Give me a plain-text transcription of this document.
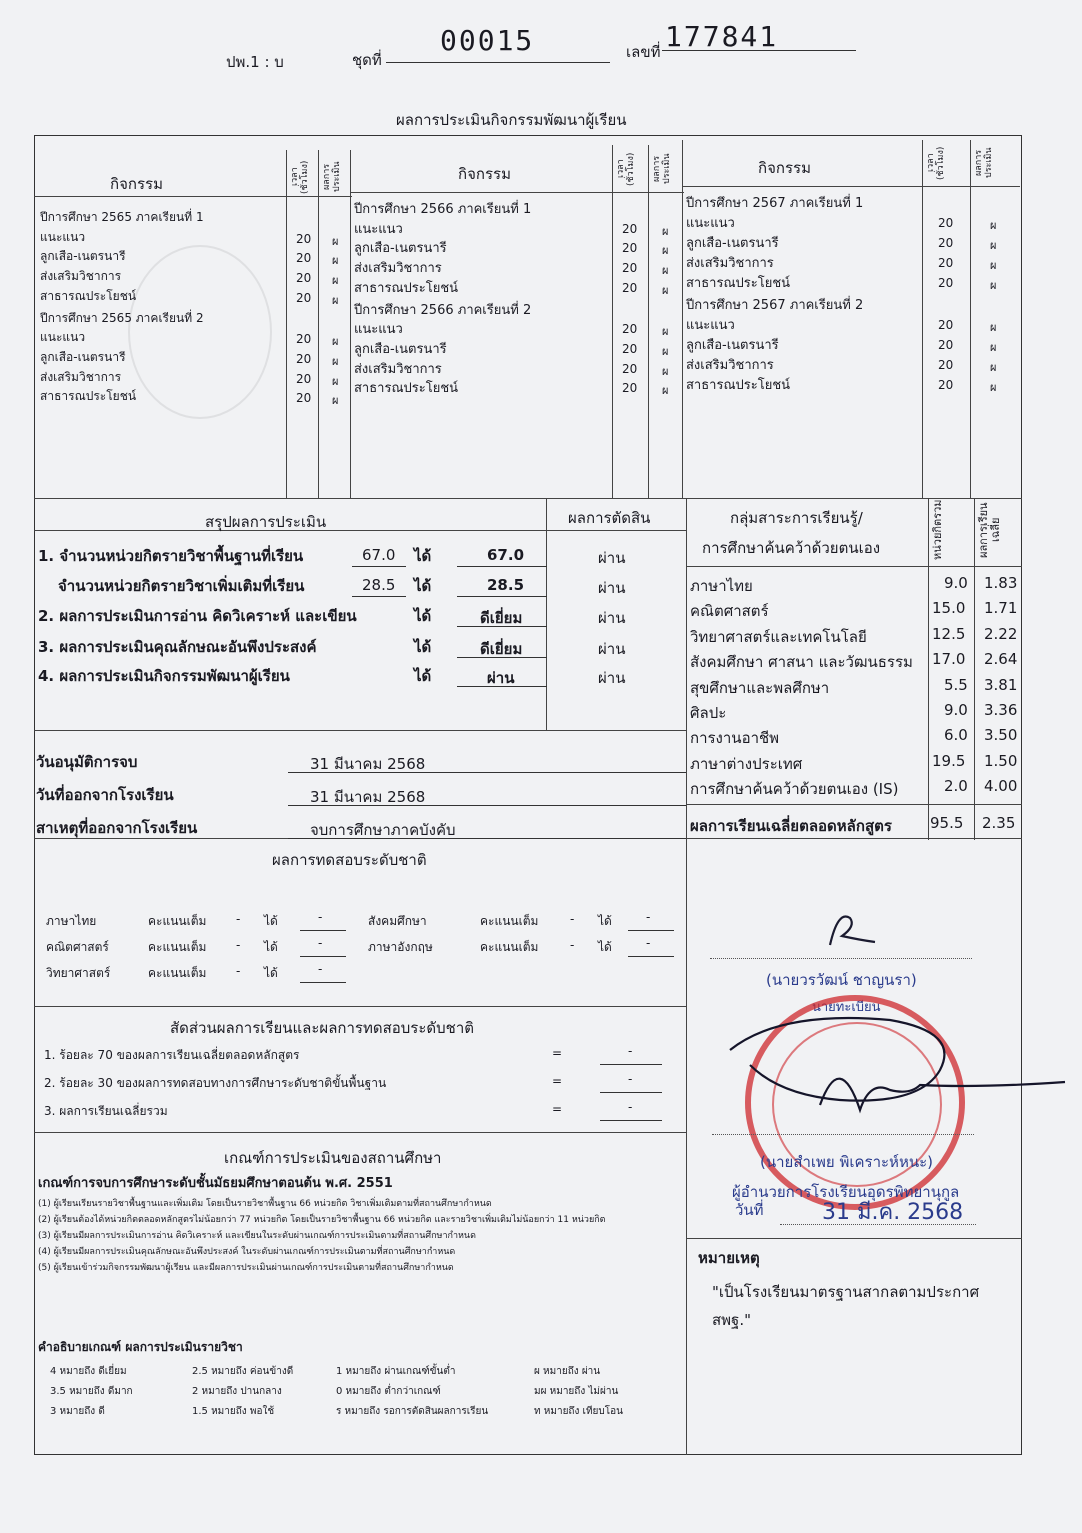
ปพ.1 : บ	ชุดที่
00015	เลขที่ 177841
ผลการประเมินกิจกรรมพัฒนาผู้เรียน
กิจกรรม
กิจกรรม	กิจกรรม
เวลา (ชั่วโมง)	ผลการประเมิน	เวลา (ชั่วโมง)	ผลการประเมิน	เวลา (ชั่วโมง)	ผลการประเมิน
ปีการศึกษา 2565 ภาคเรียนที่ 1
แนะแนว	20 ผ
ลูกเสือ-เนตรนารี	20 ผ
ส่งเสริมวิชาการ	20 ผ
สาธารณประโยชน์	20 ผ
ปีการศึกษา 2565 ภาคเรียนที่ 2
แนะแนว	20 ผ
ลูกเสือ-เนตรนารี	20 ผ
ส่งเสริมวิชาการ	20 ผ
สาธารณประโยชน์	20 ผ
ปีการศึกษา 2566 ภาคเรียนที่ 1
แนะแนว	20 ผ
ลูกเสือ-เนตรนารี	20 ผ
ส่งเสริมวิชาการ	20 ผ
สาธารณประโยชน์	20 ผ
ปีการศึกษา 2566 ภาคเรียนที่ 2
แนะแนว	20 ผ
ลูกเสือ-เนตรนารี	20 ผ
ส่งเสริมวิชาการ	20 ผ
สาธารณประโยชน์	20 ผ
ปีการศึกษา 2567 ภาคเรียนที่ 1
แนะแนว	20	ผ
ลูกเสือ-เนตรนารี	20	ผ
ส่งเสริมวิชาการ	20	ผ
สาธารณประโยชน์	20	ผ
ปีการศึกษา 2567 ภาคเรียนที่ 2
แนะแนว	20	ผ
ลูกเสือ-เนตรนารี	20	ผ
ส่งเสริมวิชาการ	20	ผ
สาธารณประโยชน์	20	ผ
สรุปผลการประเมิน	ผลการตัดสิน
1. จำนวนหน่วยกิตรายวิชาพื้นฐานที่เรียน	67.0 ได้	67.0	ผ่าน
จำนวนหน่วยกิตรายวิชาเพิ่มเติมที่เรียน	28.5 ได้	28.5	ผ่าน
2. ผลการประเมินการอ่าน คิดวิเคราะห์ และเขียน	ได้	ดีเยี่ยม	ผ่าน
3. ผลการประเมินคุณลักษณะอันพึงประสงค์	ได้	ดีเยี่ยม	ผ่าน
4. ผลการประเมินกิจกรรมพัฒนาผู้เรียน	ได้	ผ่าน	ผ่าน
กลุ่มสาระการเรียนรู้/
การศึกษาค้นคว้าด้วยตนเอง	หน่วยกิตรวม	ผลการเรียนเฉลี่ย
ภาษาไทย	9.0 1.83
คณิตศาสตร์	15.0 1.71
วิทยาศาสตร์และเทคโนโลยี	12.5 2.22
สังคมศึกษา ศาสนา และวัฒนธรรม 17.0 2.64
สุขศึกษาและพลศึกษา	5.5 3.81
ศิลปะ	9.0 3.36
การงานอาชีพ	6.0 3.50
ภาษาต่างประเทศ	19.5 1.50
การศึกษาค้นคว้าด้วยตนเอง (IS)	2.0 4.00
ผลการเรียนเฉลี่ยตลอดหลักสูตร	95.5 2.35
วันอนุมัติการจบ	31 มีนาคม 2568
วันที่ออกจากโรงเรียน	31 มีนาคม 2568
สาเหตุที่ออกจากโรงเรียน	จบการศึกษาภาคบังคับ
ผลการทดสอบระดับชาติ
ภาษาไทย	คะแนนเต็ม - ได้	-
คณิตศาสตร์	คะแนนเต็ม - ได้	-
วิทยาศาสตร์	คะแนนเต็ม - ได้	-
สังคมศึกษา	คะแนนเต็ม	- ได้	-
ภาษาอังกฤษ	คะแนนเต็ม	- ได้	-
สัดส่วนผลการเรียนและผลการทดสอบระดับชาติ
1. ร้อยละ 70 ของผลการเรียนเฉลี่ยตลอดหลักสูตร	=	-
2. ร้อยละ 30 ของผลการทดสอบทางการศึกษาระดับชาติขั้นพื้นฐาน	=	-
3. ผลการเรียนเฉลี่ยรวม	=	-
เกณฑ์การประเมินของสถานศึกษา
เกณฑ์การจบการศึกษาระดับชั้นมัธยมศึกษาตอนต้น พ.ศ. 2551
(1) ผู้เรียนเรียนรายวิชาพื้นฐานและเพิ่มเติม โดยเป็นรายวิชาพื้นฐาน 66 หน่วยกิต วิชาเพิ่มเติมตามที่สถานศึกษากำหนด
(2) ผู้เรียนต้องได้หน่วยกิตตลอดหลักสูตรไม่น้อยกว่า 77 หน่วยกิต โดยเป็นรายวิชาพื้นฐาน 66 หน่วยกิต และรายวิชาเพิ่มเติมไม่น้อยกว่า 11 หน่วยกิต
(3) ผู้เรียนมีผลการประเมินการอ่าน คิดวิเคราะห์ และเขียนในระดับผ่านเกณฑ์การประเมินตามที่สถานศึกษากำหนด
(4) ผู้เรียนมีผลการประเมินคุณลักษณะอันพึงประสงค์ ในระดับผ่านเกณฑ์การประเมินตามที่สถานศึกษากำหนด
(5) ผู้เรียนเข้าร่วมกิจกรรมพัฒนาผู้เรียน และมีผลการประเมินผ่านเกณฑ์การประเมินตามที่สถานศึกษากำหนด
คำอธิบายเกณฑ์ ผลการประเมินรายวิชา
4 หมายถึง ดีเยี่ยม	2.5 หมายถึง ค่อนข้างดี	1 หมายถึง ผ่านเกณฑ์ขั้นต่ำ	ผ หมายถึง ผ่าน
3.5 หมายถึง ดีมาก	2 หมายถึง ปานกลาง	0 หมายถึง ต่ำกว่าเกณฑ์	มผ หมายถึง ไม่ผ่าน
3 หมายถึง ดี	1.5 หมายถึง พอใช้	ร หมายถึง รอการตัดสินผลการเรียน	ท หมายถึง เทียบโอน
(นายวรวัฒน์ ชาญนรา)
นายทะเบียน
(นายสำเพย พิเคราะห์หนะ)
ผู้อำนวยการโรงเรียนอุดรพิทยานุกูล
วันที่	31 มี.ค. 2568
หมายเหตุ
"เป็นโรงเรียนมาตรฐานสากลตามประกาศ
สพฐ."
